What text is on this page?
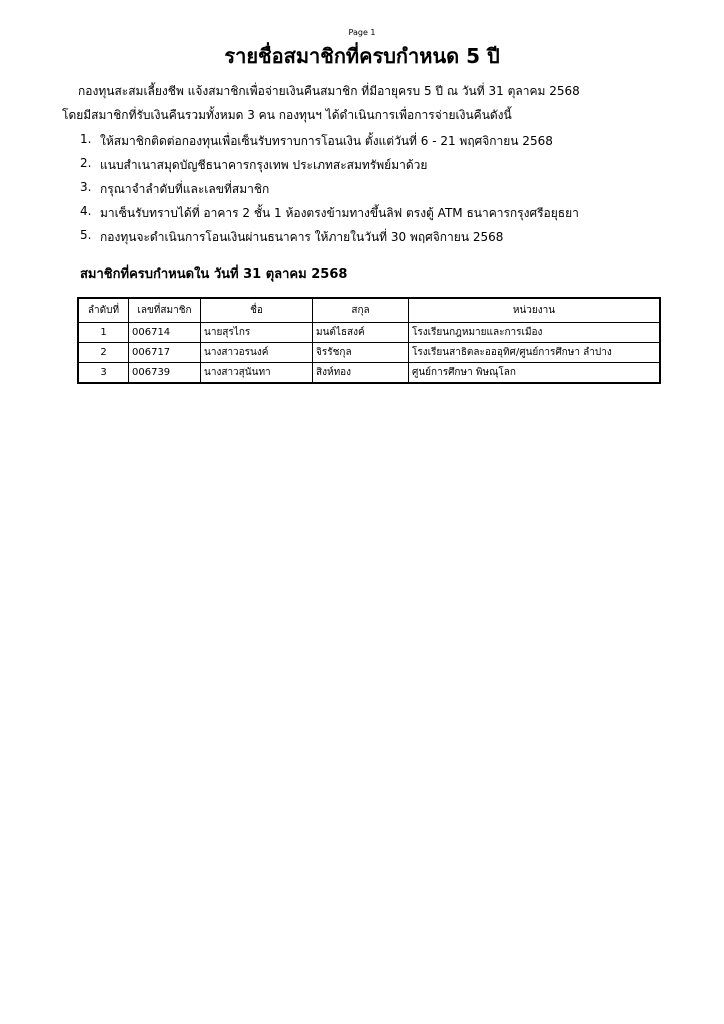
Page 1
รายชื่อสมาชิกที่ครบกำหนด 5 ปี
กองทุนสะสมเลี้ยงชีพ แจ้งสมาชิกเพื่อจ่ายเงินคืนสมาชิก ที่มีอายุครบ 5 ปี ณ วันที่ 31 ตุลาคม 2568
โดยมีสมาชิกที่รับเงินคืนรวมทั้งหมด 3 คน กองทุนฯ ได้ดำเนินการเพื่อการจ่ายเงินคืนดังนี้
1. ให้สมาชิกติดต่อกองทุนเพื่อเซ็นรับทราบการโอนเงิน ตั้งแต่วันที่ 6 - 21 พฤศจิกายน 2568
2. แนบสำเนาสมุดบัญชีธนาคารกรุงเทพ ประเภทสะสมทรัพย์มาด้วย
3. กรุณาจำลำดับที่และเลขที่สมาชิก
4. มาเซ็นรับทราบได้ที่ อาคาร 2 ชั้น 1 ห้องตรงข้ามทางขึ้นลิฟ ตรงตู้ ATM ธนาคารกรุงศรีอยุธยา
5. กองทุนจะดำเนินการโอนเงินผ่านธนาคาร ให้ภายในวันที่ 30 พฤศจิกายน 2568
สมาชิกที่ครบกำหนดใน วันที่ 31 ตุลาคม 2568
ลำดับที่	เลขที่สมาชิก	ชื่อ	สกุล	หน่วยงาน
1	006714	นายสุรไกร	มนต์ไธสงค์	โรงเรียนกฎหมายและการเมือง
2	006717	นางสาวอรนงค์	จิรรัชกุล	โรงเรียนสาธิตละอออุทิศ/ศูนย์การศึกษา ลำปาง
3	006739	นางสาวสุนันทา	สิงห์ทอง	ศูนย์การศึกษา พิษณุโลก
